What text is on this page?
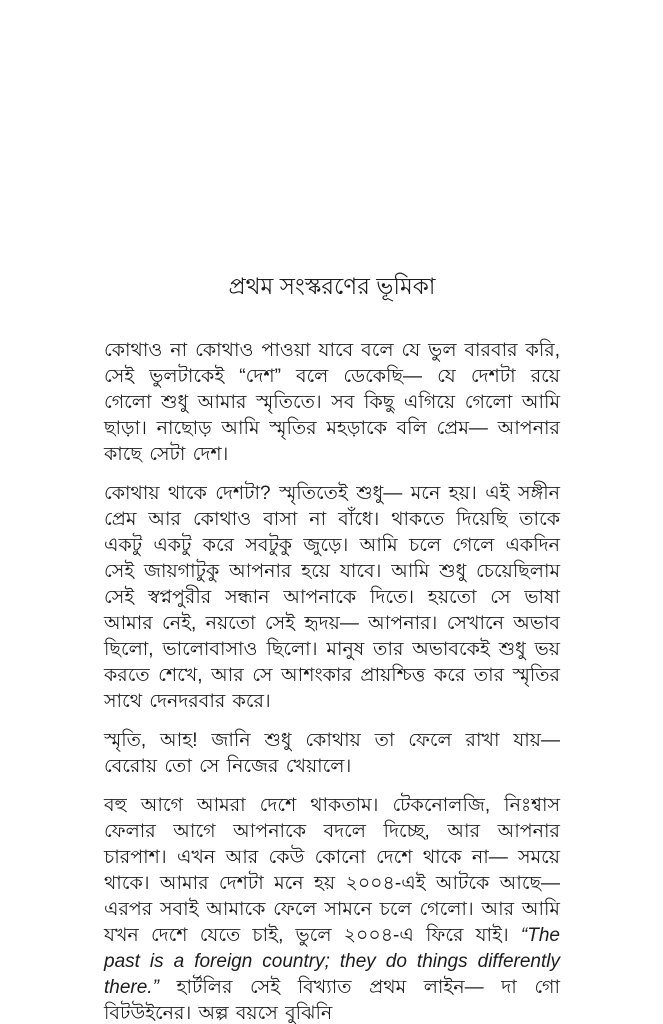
প্রথম সংস্করণের ভূমিকা

কোথাও না কোথাও পাওয়া যাবে বলে যে ভুল বারবার করি, সেই ভুলটাকেই “দেশ” বলে ডেকেছি— যে দেশটা রয়ে গেলো শুধু আমার স্মৃতিতে। সব কিছু এগিয়ে গেলো আমি ছাড়া। নাছোড় আমি স্মৃতির মহড়াকে বলি প্রেম— আপনার কাছে সেটা দেশ।

কোথায় থাকে দেশটা? স্মৃতিতেই শুধু— মনে হয়। এই সঙ্গীন প্রেম আর কোথাও বাসা না বাঁধে। থাকতে দিয়েছি তাকে একটু একটু করে সবটুকু জুড়ে। আমি চলে গেলে একদিন সেই জায়গাটুকু আপনার হয়ে যাবে। আমি শুধু চেয়েছিলাম সেই স্বপ্নপুরীর সন্ধান আপনাকে দিতে। হয়তো সে ভাষা আমার নেই, নয়তো সেই হৃদয়— আপনার। সেখানে অভাব ছিলো, ভালোবাসাও ছিলো। মানুষ তার অভাবকেই শুধু ভয় করতে শেখে, আর সে আশংকার প্রায়শ্চিত্ত করে তার স্মৃতির সাথে দেনদরবার করে।

স্মৃতি, আহ! জানি শুধু কোথায় তা ফেলে রাখা যায়— বেরোয় তো সে নিজের খেয়ালে।

বহু আগে আমরা দেশে থাকতাম। টেকনোলজি, নিঃশ্বাস ফেলার আগে আপনাকে বদলে দিচ্ছে, আর আপনার চারপাশ। এখন আর কেউ কোনো দেশে থাকে না— সময়ে থাকে। আমার দেশটা মনে হয় ২০০৪-এই আটকে আছে— এরপর সবাই আমাকে ফেলে সামনে চলে গেলো। আর আমি যখন দেশে যেতে চাই, ভুলে ২০০৪-এ ফিরে যাই। “The past is a foreign country; they do things differently there.” হার্টলির সেই বিখ্যাত প্রথম লাইন— দা গো বিটউইনের। অল্প বয়সে বুঝিনি
